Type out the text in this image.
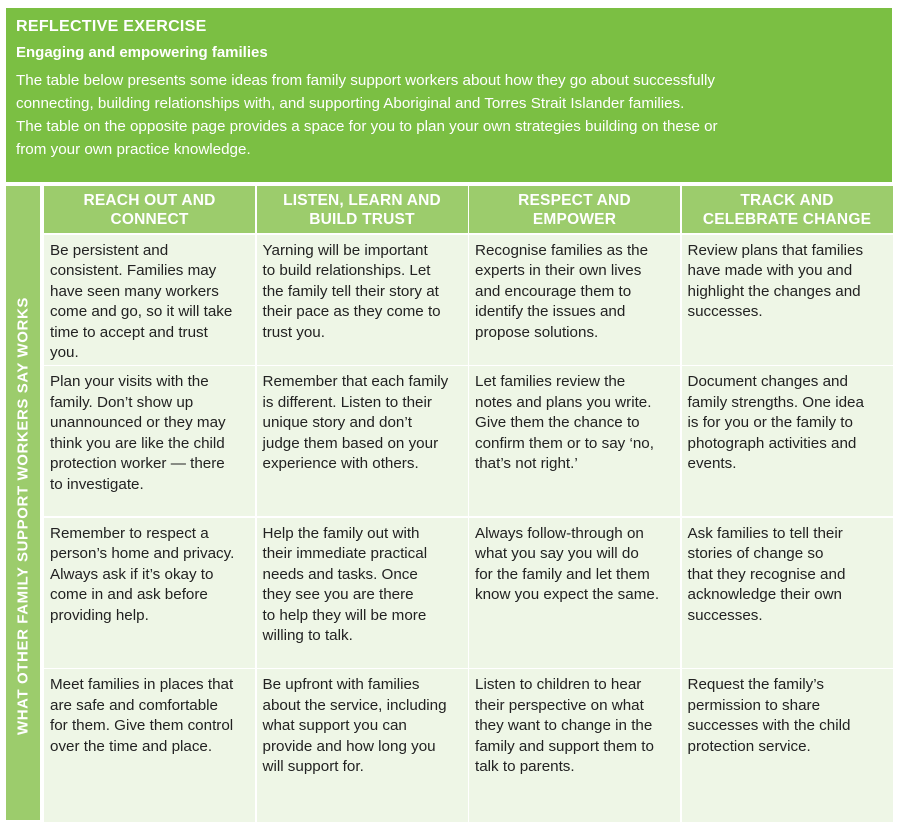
REFLECTIVE EXERCISE
Engaging and empowering families
The table below presents some ideas from family support workers about how they go about successfully
connecting, building relationships with, and supporting Aboriginal and Torres Strait Islander families.
The table on the opposite page provides a space for you to plan your own strategies building on these or
from your own practice knowledge.
WHAT OTHER FAMILY SUPPORT WORKERS SAY WORKS
REACH OUT AND
CONNECT
LISTEN, LEARN AND
BUILD TRUST
RESPECT AND
EMPOWER
TRACK AND
CELEBRATE CHANGE
Be persistent and
consistent. Families may
have seen many workers
come and go, so it will take
time to accept and trust
you.
Yarning will be important
to build relationships. Let
the family tell their story at
their pace as they come to
trust you.
Recognise families as the
experts in their own lives
and encourage them to
identify the issues and
propose solutions.
Review plans that families
have made with you and
highlight the changes and
successes.
Plan your visits with the
family. Don’t show up
unannounced or they may
think you are like the child
protection worker — there
to investigate.
Remember that each family
is different. Listen to their
unique story and don’t
judge them based on your
experience with others.
Let families review the
notes and plans you write.
Give them the chance to
confirm them or to say ‘no,
that’s not right.’
Document changes and
family strengths. One idea
is for you or the family to
photograph activities and
events.
Remember to respect a
person’s home and privacy.
Always ask if it’s okay to
come in and ask before
providing help.
Help the family out with
their immediate practical
needs and tasks. Once
they see you are there
to help they will be more
willing to talk.
Always follow-through on
what you say you will do
for the family and let them
know you expect the same.
Ask families to tell their
stories of change so
that they recognise and
acknowledge their own
successes.
Meet families in places that
are safe and comfortable
for them. Give them control
over the time and place.
Be upfront with families
about the service, including
what support you can
provide and how long you
will support for.
Listen to children to hear
their perspective on what
they want to change in the
family and support them to
talk to parents.
Request the family’s
permission to share
successes with the child
protection service.
